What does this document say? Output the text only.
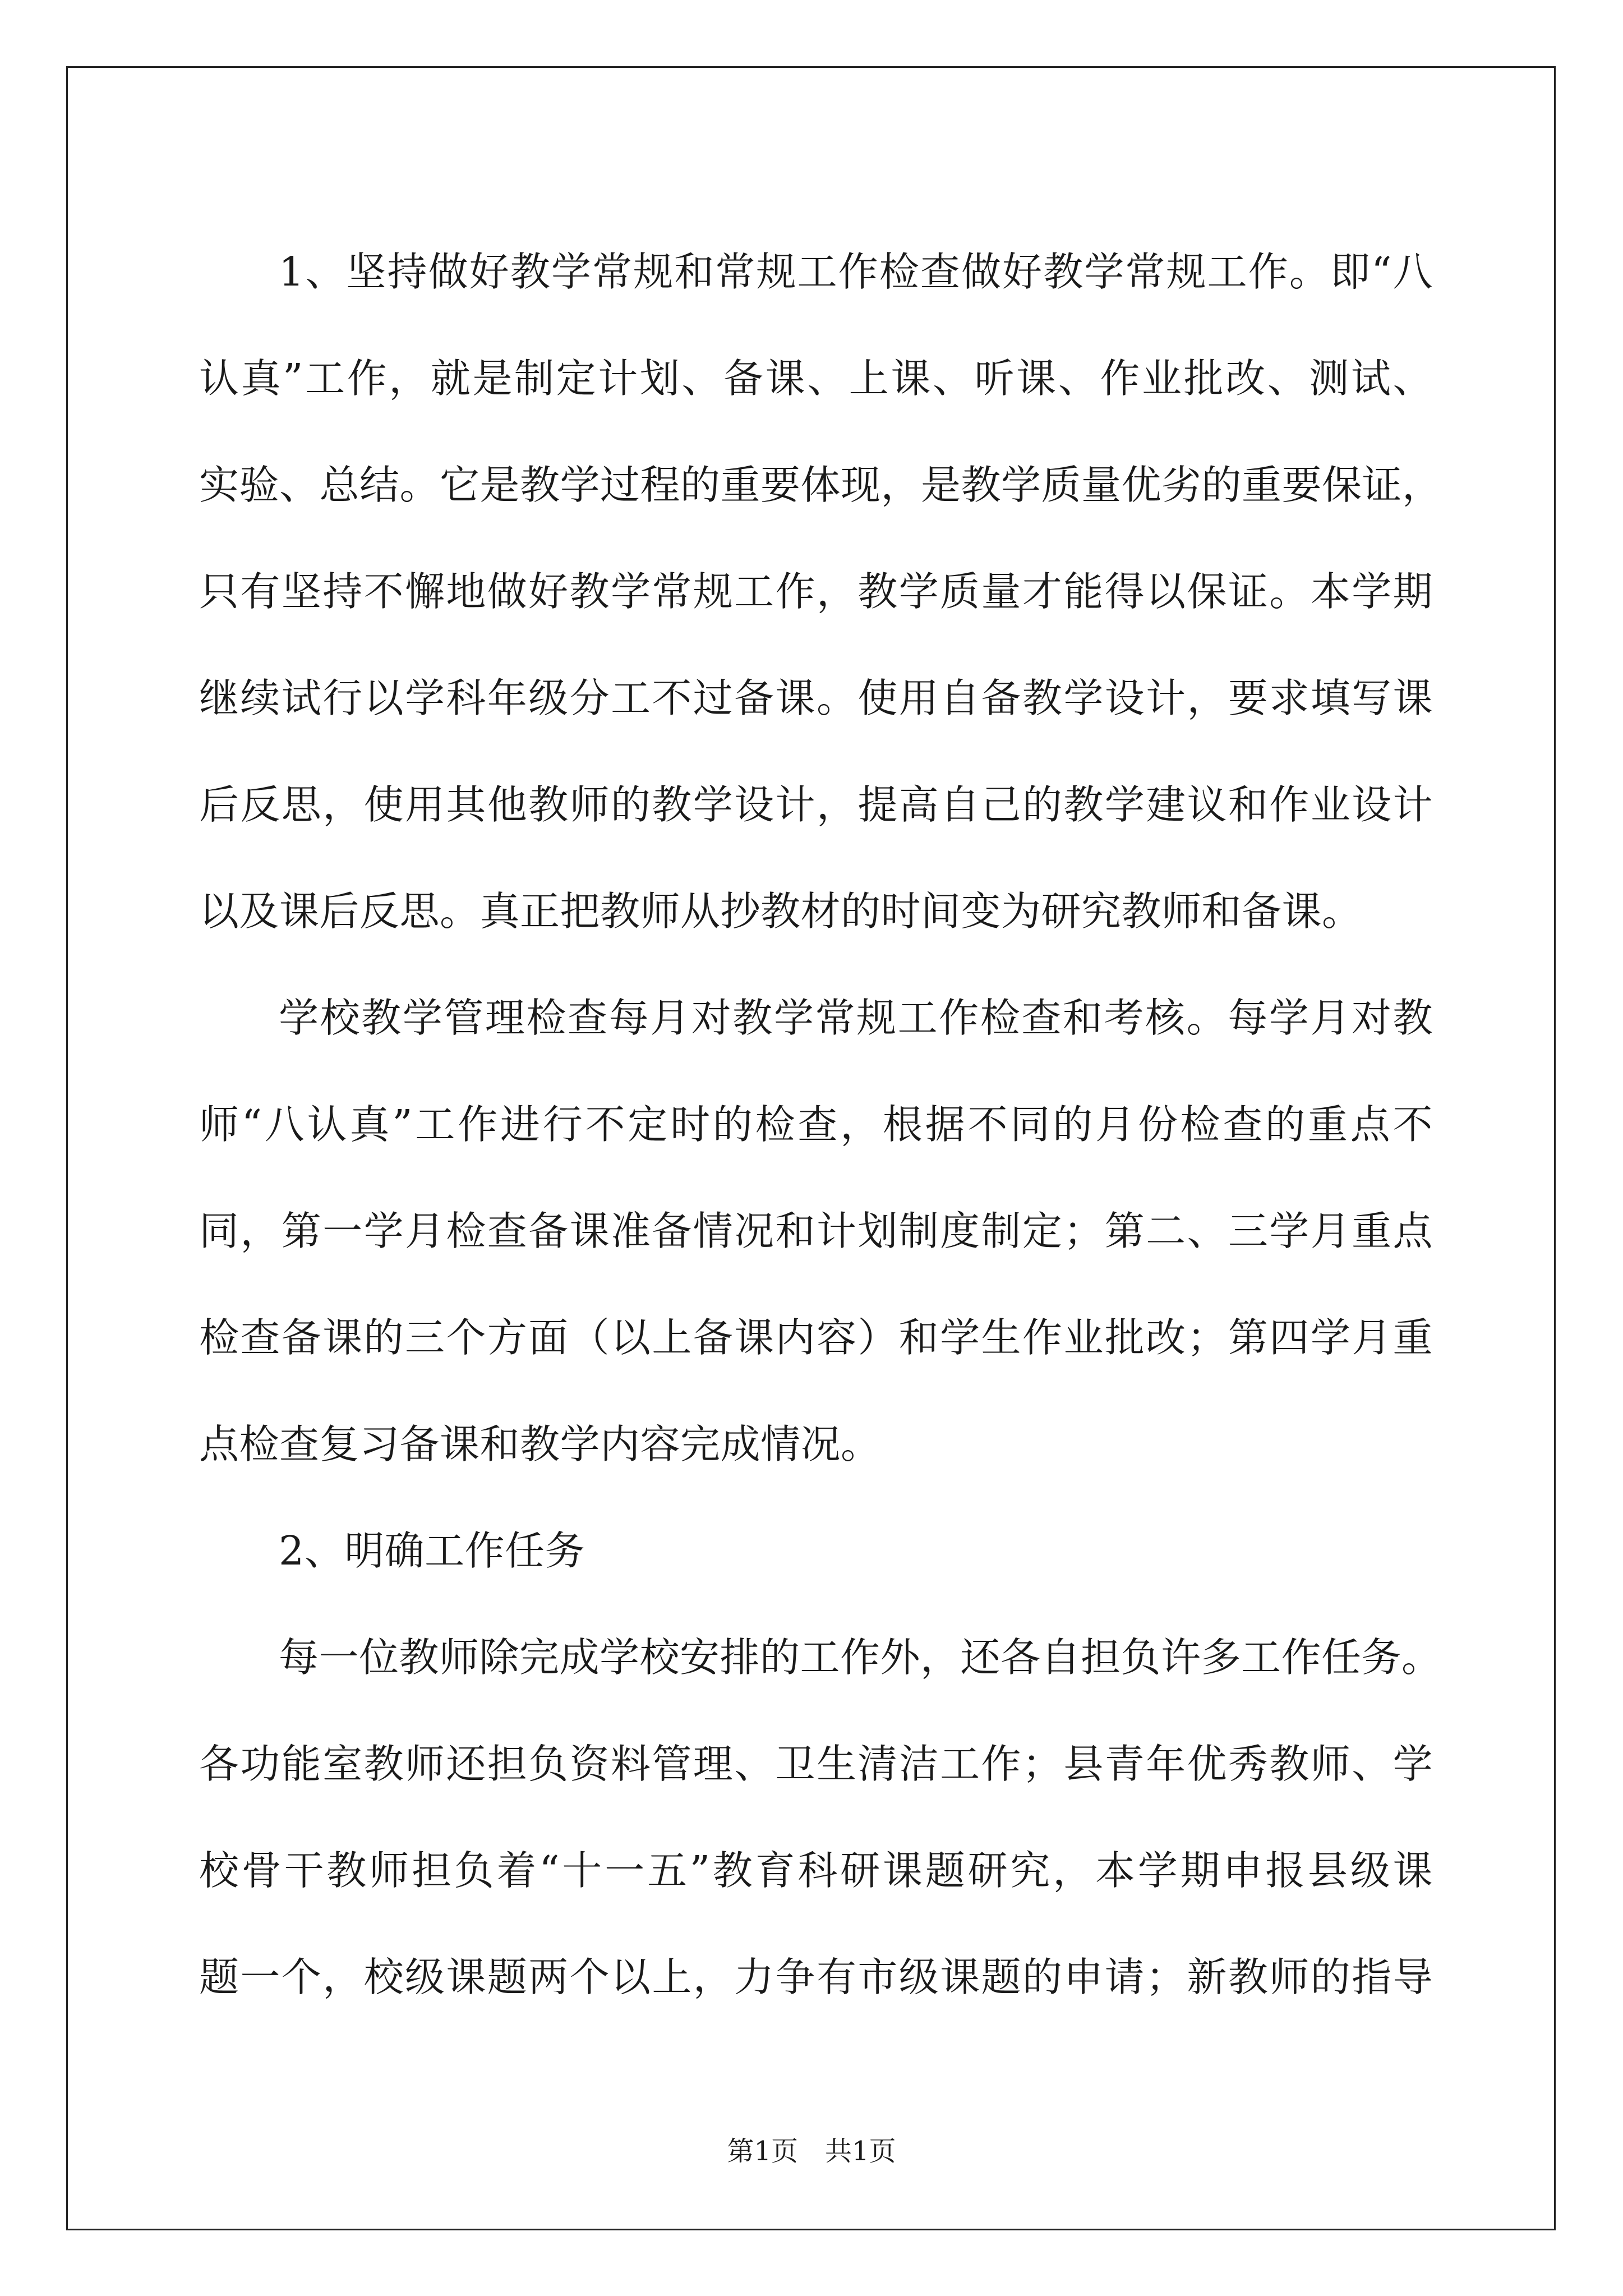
1、坚持做好教学常规和常规工作检查做好教学常规工作。即“八
认真”工作，就是制定计划、备课、上课、听课、作业批改、测试、
实验、总结。它是教学过程的重要体现，是教学质量优劣的重要保证，
只有坚持不懈地做好教学常规工作，教学质量才能得以保证。本学期
继续试行以学科年级分工不过备课。使用自备教学设计，要求填写课
后反思，使用其他教师的教学设计，提高自己的教学建议和作业设计
以及课后反思。真正把教师从抄教材的时间变为研究教师和备课。
学校教学管理检查每月对教学常规工作检查和考核。每学月对教
师“八认真”工作进行不定时的检查，根据不同的月份检查的重点不
同，第一学月检查备课准备情况和计划制度制定；第二、三学月重点
检查备课的三个方面（以上备课内容）和学生作业批改；第四学月重
点检查复习备课和教学内容完成情况。
2、明确工作任务
每一位教师除完成学校安排的工作外，还各自担负许多工作任务。
各功能室教师还担负资料管理、卫生清洁工作；县青年优秀教师、学
校骨干教师担负着“十一五”教育科研课题研究，本学期申报县级课
题一个，校级课题两个以上，力争有市级课题的申请；新教师的指导
第1页　共1页
